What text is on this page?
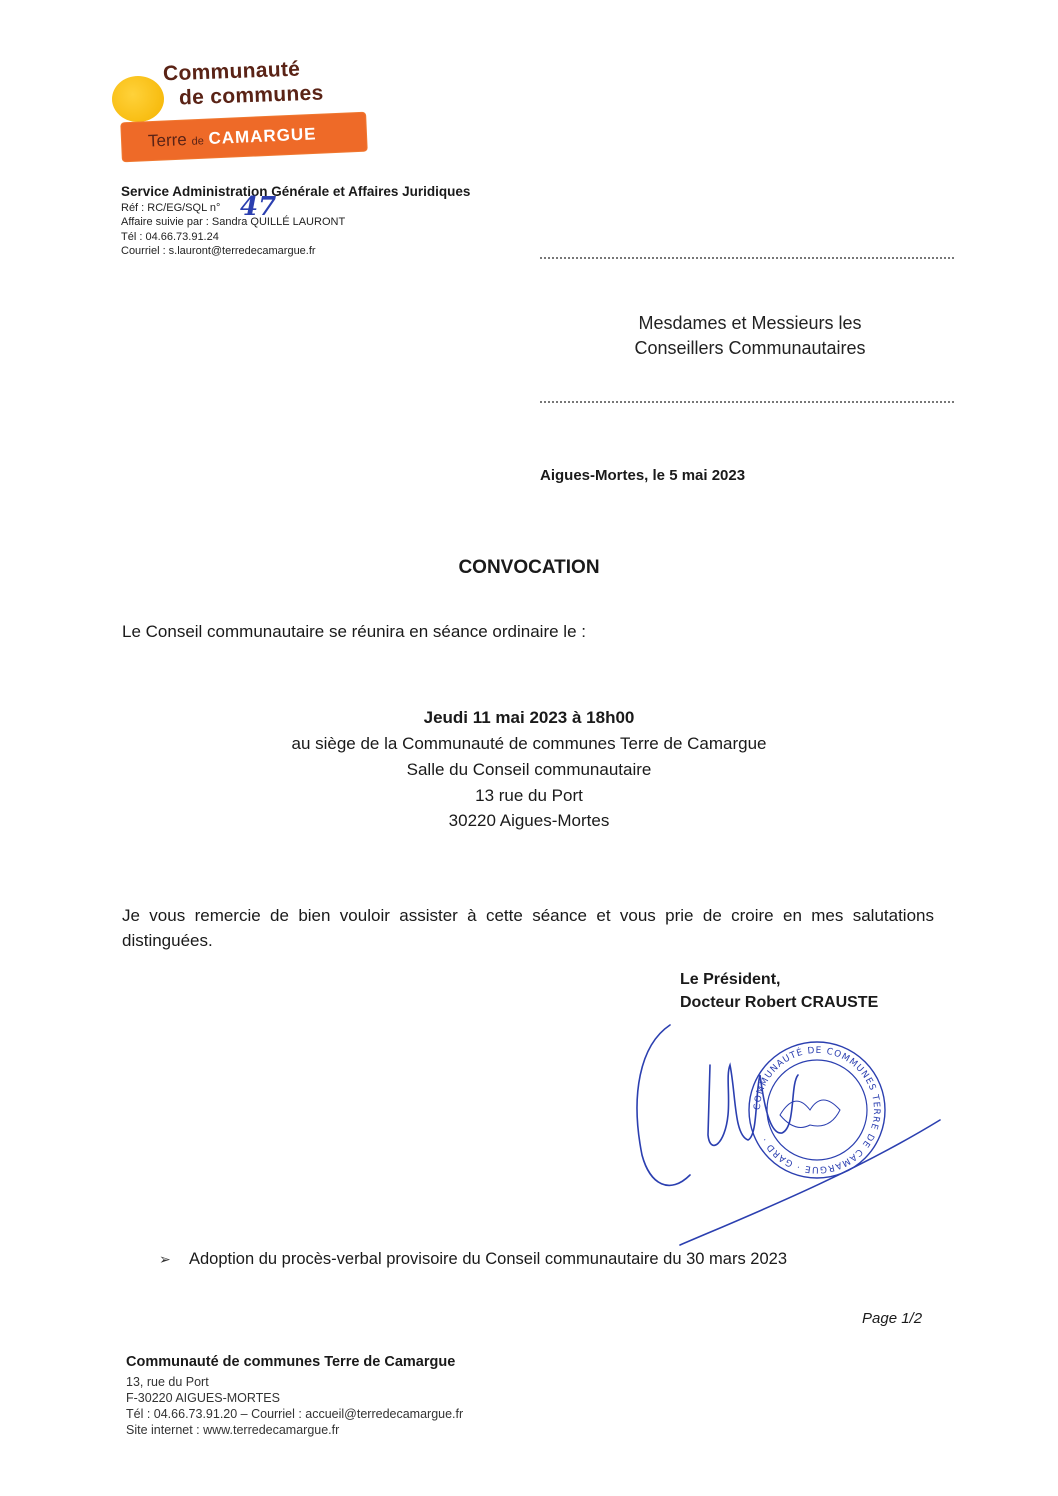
Communauté
de communes
Terre de CAMARGUE
Service Administration Générale et Affaires Juridiques
Réf : RC/EG/SQL n° 47
Affaire suivie par : Sandra QUILLÉ LAURONT
Tél : 04.66.73.91.24
Courriel : s.lauront@terredecamargue.fr
Mesdames et Messieurs les
Conseillers Communautaires
Aigues-Mortes, le 5 mai 2023
CONVOCATION
Le Conseil communautaire se réunira en séance ordinaire le :
Jeudi 11 mai 2023 à 18h00
au siège de la Communauté de communes Terre de Camargue
Salle du Conseil communautaire
13 rue du Port
30220 Aigues-Mortes
Je vous remercie de bien vouloir assister à cette séance et vous prie de croire en mes salutations distinguées.
Le Président,
Docteur Robert CRAUSTE
COMMUNAUTÉ DE COMMUNES TERRE DE CAMARGUE · GARD ·
➢ Adoption du procès-verbal provisoire du Conseil communautaire du 30 mars 2023
Page 1/2
Communauté de communes Terre de Camargue
13, rue du Port
F-30220 AIGUES-MORTES
Tél : 04.66.73.91.20 – Courriel : accueil@terredecamargue.fr
Site internet : www.terredecamargue.fr
